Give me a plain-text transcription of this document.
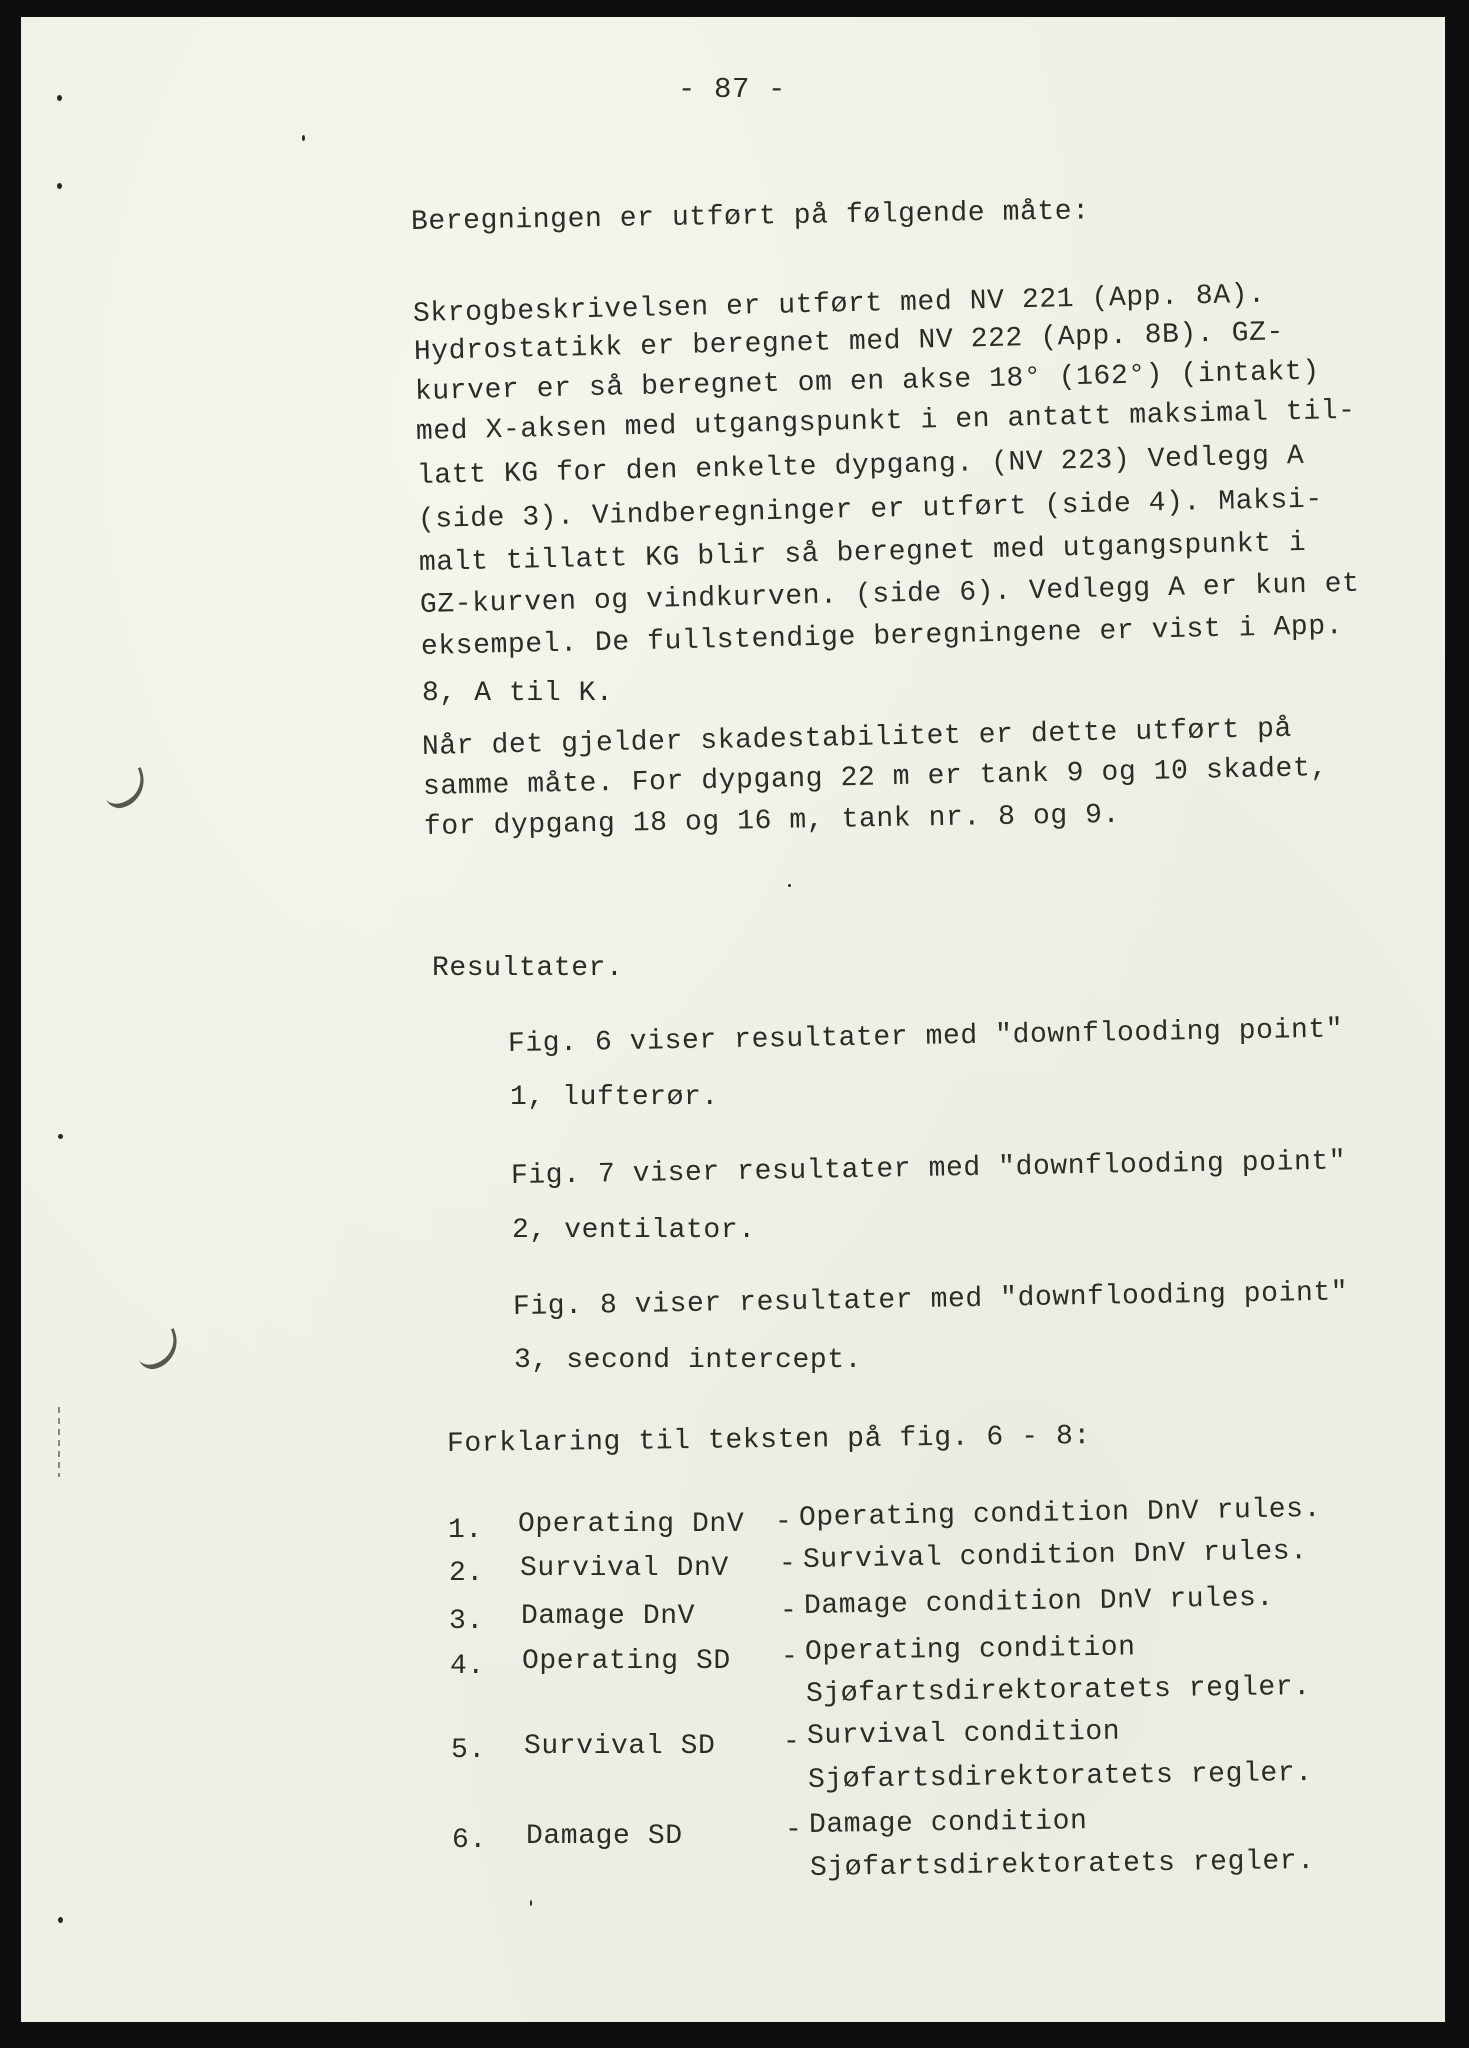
- 87 -
Beregningen er utført på følgende måte:
Skrogbeskrivelsen er utført med NV 221 (App. 8A).
Hydrostatikk er beregnet med NV 222 (App. 8B). GZ-
kurver er så beregnet om en akse 18° (162°) (intakt)
med X-aksen med utgangspunkt i en antatt maksimal til-
latt KG for den enkelte dypgang. (NV 223) Vedlegg A
(side 3). Vindberegninger er utført (side 4). Maksi-
malt tillatt KG blir så beregnet med utgangspunkt i
GZ-kurven og vindkurven. (side 6). Vedlegg A er kun et
eksempel. De fullstendige beregningene er vist i App.
8, A til K.
Når det gjelder skadestabilitet er dette utført på
samme måte. For dypgang 22 m er tank 9 og 10 skadet,
for dypgang 18 og 16 m, tank nr. 8 og 9.
Resultater.
Fig. 6 viser resultater med "downflooding point"
1, lufterør.
Fig. 7 viser resultater med "downflooding point"
2, ventilator.
Fig. 8 viser resultater med "downflooding point"
3, second intercept.
Forklaring til teksten på fig. 6 - 8:
1. Operating DnV - Operating condition DnV rules.
2. Survival DnV - Survival condition DnV rules.
3. Damage DnV	- Damage condition DnV rules.
4. Operating SD - Operating condition
Sjøfartsdirektoratets regler.
5. Survival SD - Survival condition
Sjøfartsdirektoratets regler.
6. Damage SD	- Damage condition
Sjøfartsdirektoratets regler.
